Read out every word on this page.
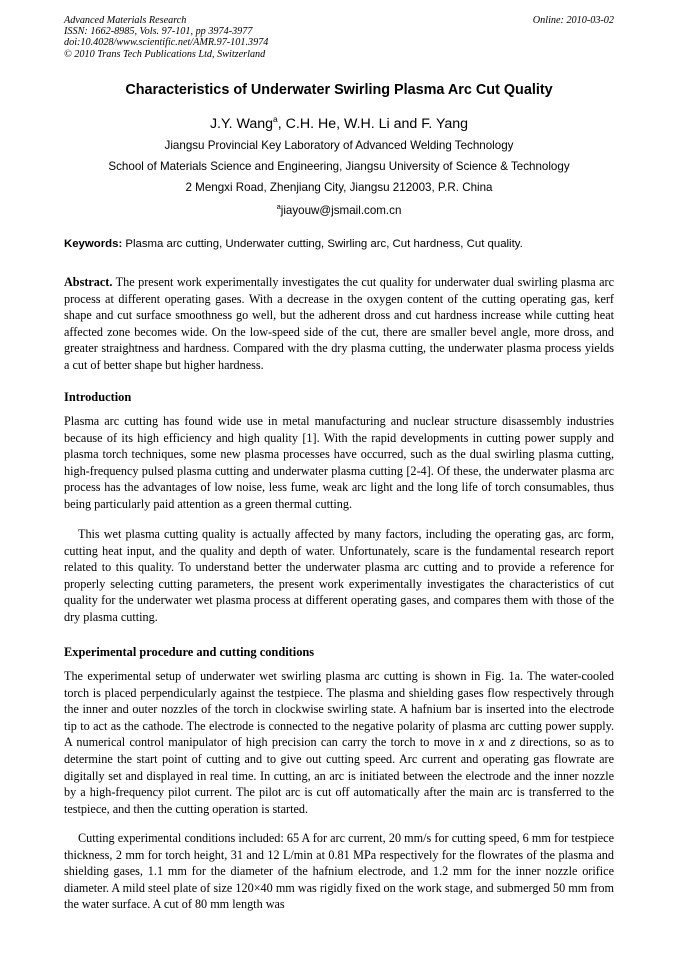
Advanced Materials Research
ISSN: 1662-8985, Vols. 97-101, pp 3974-3977
doi:10.4028/www.scientific.net/AMR.97-101.3974
© 2010 Trans Tech Publications Ltd, Switzerland
Online: 2010-03-02
Characteristics of Underwater Swirling Plasma Arc Cut Quality
J.Y. Wang$^a$, C.H. He, W.H. Li and F. Yang
Jiangsu Provincial Key Laboratory of Advanced Welding Technology
School of Materials Science and Engineering, Jiangsu University of Science & Technology
2 Mengxi Road, Zhenjiang City, Jiangsu 212003, P.R. China
$^a$jiayouw@jsmail.com.cn
Keywords: Plasma arc cutting, Underwater cutting, Swirling arc, Cut hardness, Cut quality.

Abstract. The present work experimentally investigates the cut quality for underwater dual swirling plasma arc process at different operating gases. With a decrease in the oxygen content of the cutting operating gas, kerf shape and cut surface smoothness go well, but the adherent dross and cut hardness increase while cutting heat affected zone becomes wide. On the low-speed side of the cut, there are smaller bevel angle, more dross, and greater straightness and hardness. Compared with the dry plasma cutting, the underwater plasma process yields a cut of better shape but higher hardness.

Introduction

Plasma arc cutting has found wide use in metal manufacturing and nuclear structure disassembly industries because of its high efficiency and high quality [1]. With the rapid developments in cutting power supply and plasma torch techniques, some new plasma processes have occurred, such as the dual swirling plasma cutting, high-frequency pulsed plasma cutting and underwater plasma cutting [2-4]. Of these, the underwater plasma arc process has the advantages of low noise, less fume, weak arc light and the long life of torch consumables, thus being particularly paid attention as a green thermal cutting.

This wet plasma cutting quality is actually affected by many factors, including the operating gas, arc form, cutting heat input, and the quality and depth of water. Unfortunately, scare is the fundamental research report related to this quality. To understand better the underwater plasma arc cutting and to provide a reference for properly selecting cutting parameters, the present work experimentally investigates the characteristics of cut quality for the underwater wet plasma process at different operating gases, and compares them with those of the dry plasma cutting.

Experimental procedure and cutting conditions

The experimental setup of underwater wet swirling plasma arc cutting is shown in Fig. 1a. The water-cooled torch is placed perpendicularly against the testpiece. The plasma and shielding gases flow respectively through the inner and outer nozzles of the torch in clockwise swirling state. A hafnium bar is inserted into the electrode tip to act as the cathode. The electrode is connected to the negative polarity of plasma arc cutting power supply. A numerical control manipulator of high precision can carry the torch to move in x and z directions, so as to determine the start point of cutting and to give out cutting speed. Arc current and operating gas flowrate are digitally set and displayed in real time. In cutting, an arc is initiated between the electrode and the inner nozzle by a high-frequency pilot current. The pilot arc is cut off automatically after the main arc is transferred to the testpiece, and then the cutting operation is started.

Cutting experimental conditions included: 65 A for arc current, 20 mm/s for cutting speed, 6 mm for testpiece thickness, 2 mm for torch height, 31 and 12 L/min at 0.81 MPa respectively for the flowrates of the plasma and shielding gases, 1.1 mm for the diameter of the hafnium electrode, and 1.2 mm for the inner nozzle orifice diameter. A mild steel plate of size 120×40 mm was rigidly fixed on the work stage, and submerged 50 mm from the water surface. A cut of 80 mm length was
